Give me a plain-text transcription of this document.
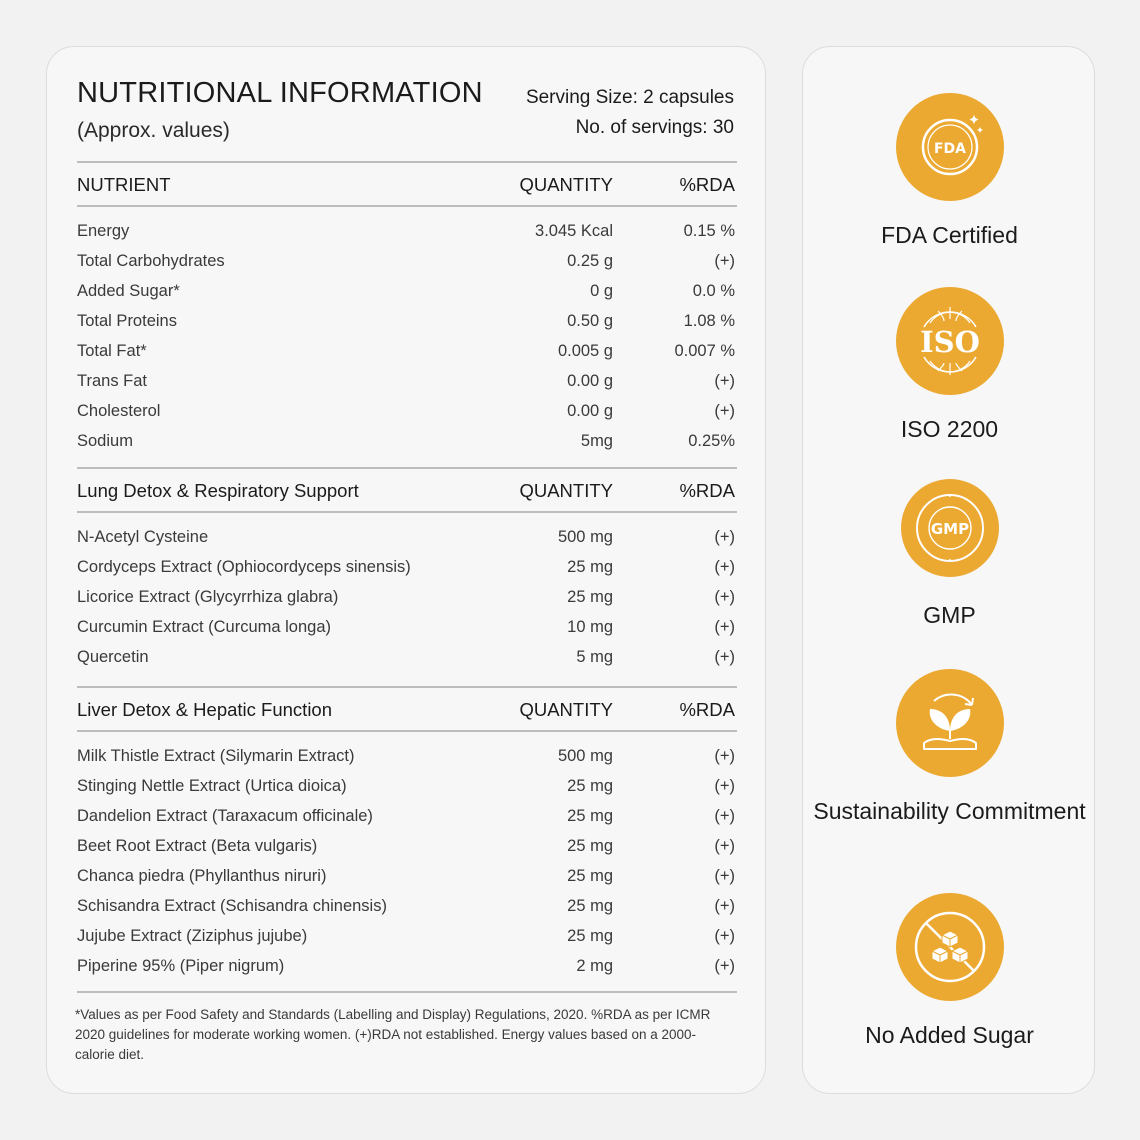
NUTRITIONAL INFORMATION
(Approx. values)
Serving Size: 2 capsules
No. of servings: 30
NUTRIENT	QUANTITY	%RDA
Energy	3.045 Kcal	0.15 %
Total Carbohydrates	0.25 g	(+)
Added Sugar*	0 g	0.0 %
Total Proteins	0.50 g	1.08 %
Total Fat*	0.005 g	0.007 %
Trans Fat	0.00 g	(+)
Cholesterol	0.00 g	(+)
Sodium	5mg	0.25%
Lung Detox & Respiratory Support	QUANTITY	%RDA
N-Acetyl Cysteine	500 mg	(+)
Cordyceps Extract (Ophiocordyceps sinensis)	25 mg	(+)
Licorice Extract (Glycyrrhiza glabra)	25 mg	(+)
Curcumin Extract (Curcuma longa)	10 mg	(+)
Quercetin	5 mg	(+)
Liver Detox & Hepatic Function	QUANTITY	%RDA
Milk Thistle Extract (Silymarin Extract)	500 mg	(+)
Stinging Nettle Extract (Urtica dioica)	25 mg	(+)
Dandelion Extract (Taraxacum officinale)	25 mg	(+)
Beet Root Extract (Beta vulgaris)	25 mg	(+)
Chanca piedra (Phyllanthus niruri)	25 mg	(+)
Schisandra Extract (Schisandra chinensis)	25 mg	(+)
Jujube Extract (Ziziphus jujube)	25 mg	(+)
Piperine 95% (Piper nigrum)	2 mg	(+)
*Values as per Food Safety and Standards (Labelling and Display) Regulations, 2020. %RDA as per ICMR 2020 guidelines for moderate working women. (+)RDA not established. Energy values based on a 2000-calorie diet.
FDA
FDA Certified
ISO
ISO 2200
GMP
GMP
Sustainability Commitment
No Added Sugar
